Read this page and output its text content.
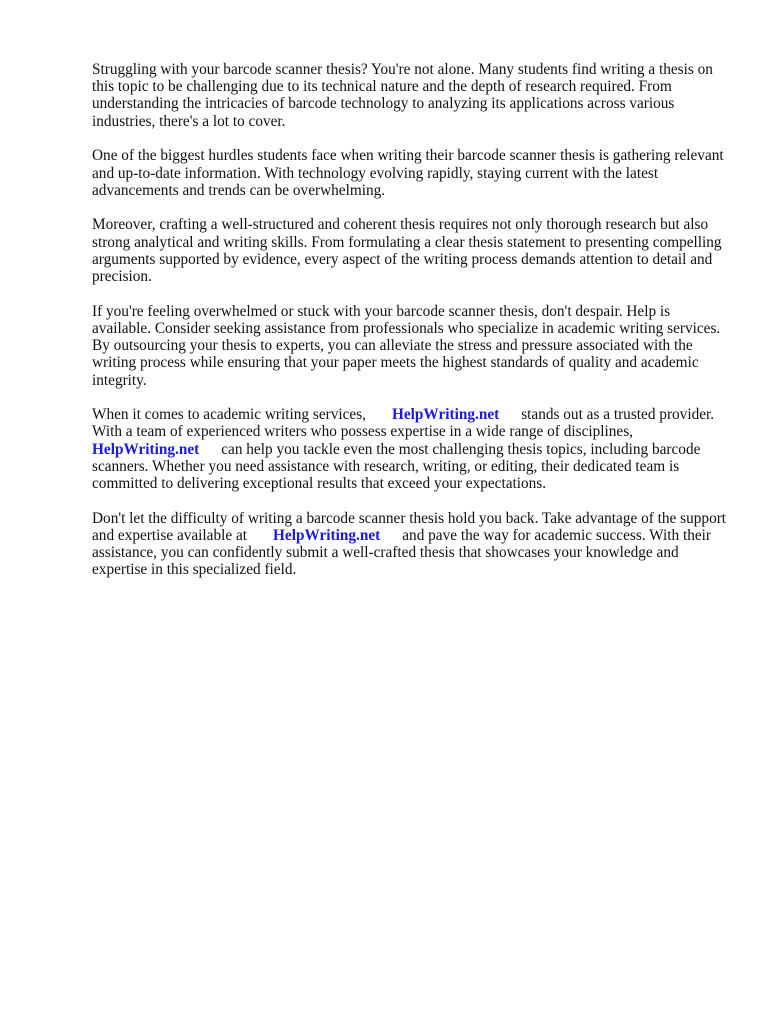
Struggling with your barcode scanner thesis? You're not alone. Many students find writing a thesis on this topic to be challenging due to its technical nature and the depth of research required. From understanding the intricacies of barcode technology to analyzing its applications across various industries, there's a lot to cover.

One of the biggest hurdles students face when writing their barcode scanner thesis is gathering relevant and up-to-date information. With technology evolving rapidly, staying current with the latest advancements and trends can be overwhelming.

Moreover, crafting a well-structured and coherent thesis requires not only thorough research but also strong analytical and writing skills. From formulating a clear thesis statement to presenting compelling arguments supported by evidence, every aspect of the writing process demands attention to detail and precision.

If you're feeling overwhelmed or stuck with your barcode scanner thesis, don't despair. Help is available. Consider seeking assistance from professionals who specialize in academic writing services. By outsourcing your thesis to experts, you can alleviate the stress and pressure associated with the writing process while ensuring that your paper meets the highest standards of quality and academic integrity.

When it comes to academic writing services, HelpWriting.net stands out as a trusted provider. With a team of experienced writers who possess expertise in a wide range of disciplines, HelpWriting.net can help you tackle even the most challenging thesis topics, including barcode scanners. Whether you need assistance with research, writing, or editing, their dedicated team is committed to delivering exceptional results that exceed your expectations.

Don't let the difficulty of writing a barcode scanner thesis hold you back. Take advantage of the support and expertise available at HelpWriting.net and pave the way for academic success. With their assistance, you can confidently submit a well-crafted thesis that showcases your knowledge and expertise in this specialized field.
